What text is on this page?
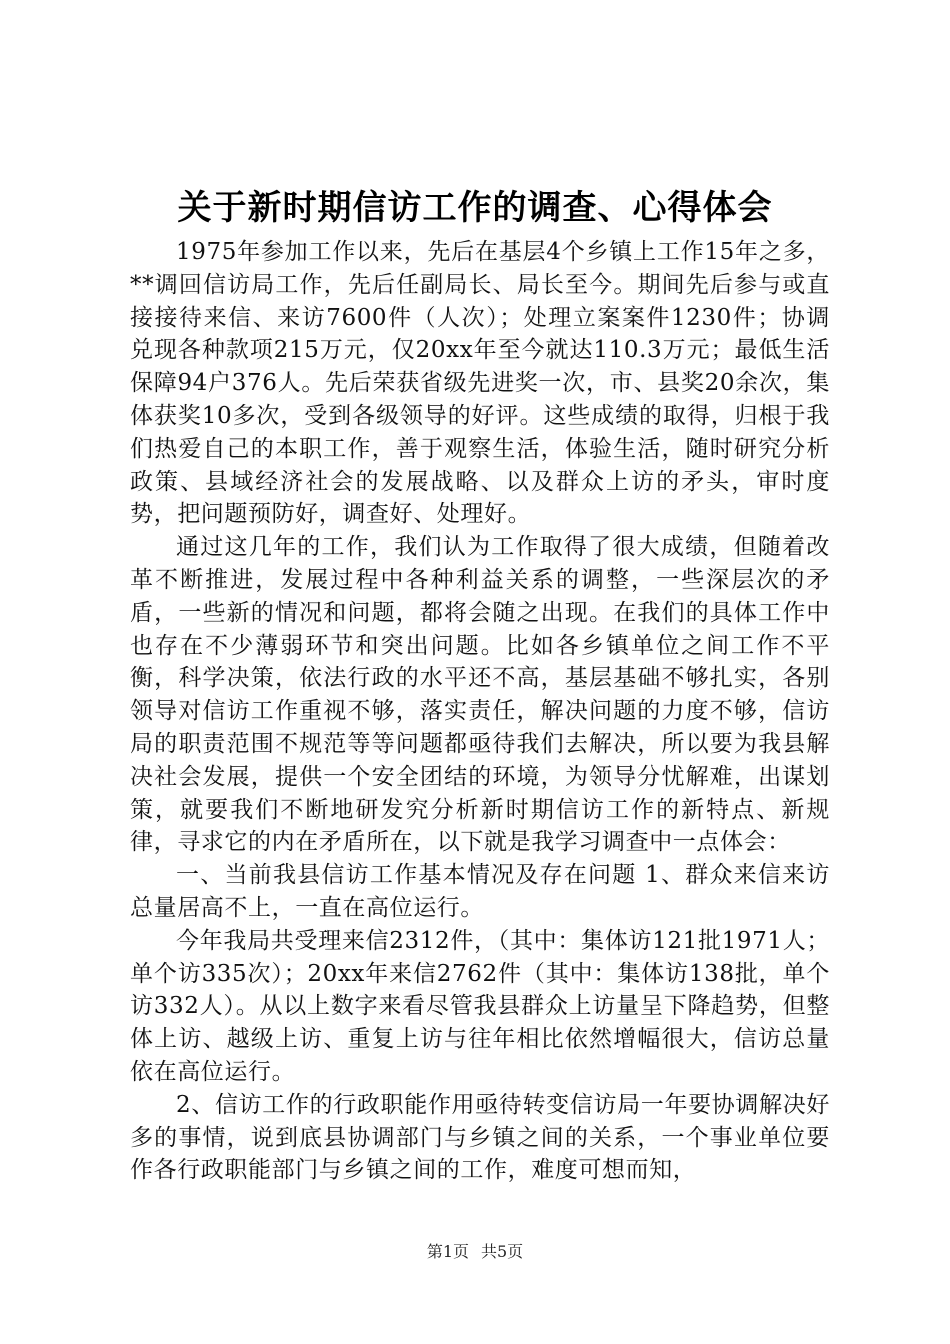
关于新时期信访工作的调查、心得体会

1975年参加工作以来，先后在基层4个乡镇上工作15年之多，**调回信访局工作，先后任副局长、局长至今。期间先后参与或直接接待来信、来访7600件（人次）；处理立案案件1230件；协调兑现各种款项215万元，仅20xx年至今就达110.3万元；最低生活保障94户376人。先后荣获省级先进奖一次，市、县奖20余次，集体获奖10多次，受到各级领导的好评。这些成绩的取得，归根于我们热爱自己的本职工作，善于观察生活，体验生活，随时研究分析政策、县域经济社会的发展战略、以及群众上访的矛头，审时度势，把问题预防好，调查好、处理好。

通过这几年的工作，我们认为工作取得了很大成绩，但随着改革不断推进，发展过程中各种利益关系的调整，一些深层次的矛盾，一些新的情况和问题，都将会随之出现。在我们的具体工作中也存在不少薄弱环节和突出问题。比如各乡镇单位之间工作不平衡，科学决策，依法行政的水平还不高，基层基础不够扎实，各别领导对信访工作重视不够，落实责任，解决问题的力度不够，信访局的职责范围不规范等等问题都亟待我们去解决，所以要为我县解决社会发展，提供一个安全团结的环境，为领导分忧解难，出谋划策，就要我们不断地研发究分析新时期信访工作的新特点、新规律，寻求它的内在矛盾所在，以下就是我学习调查中一点体会：

一、当前我县信访工作基本情况及存在问题 1、群众来信来访总量居高不上，一直在高位运行。

今年我局共受理来信2312件，（其中：集体访121批1971人；单个访335次）；20xx年来信2762件（其中：集体访138批，单个访332人）。从以上数字来看尽管我县群众上访量呈下降趋势，但整体上访、越级上访、重复上访与往年相比依然增幅很大，信访总量依在高位运行。

2、信访工作的行政职能作用亟待转变信访局一年要协调解决好多的事情，说到底县协调部门与乡镇之间的关系，一个事业单位要作各行政职能部门与乡镇之间的工作，难度可想而知，

第1页 共5页
